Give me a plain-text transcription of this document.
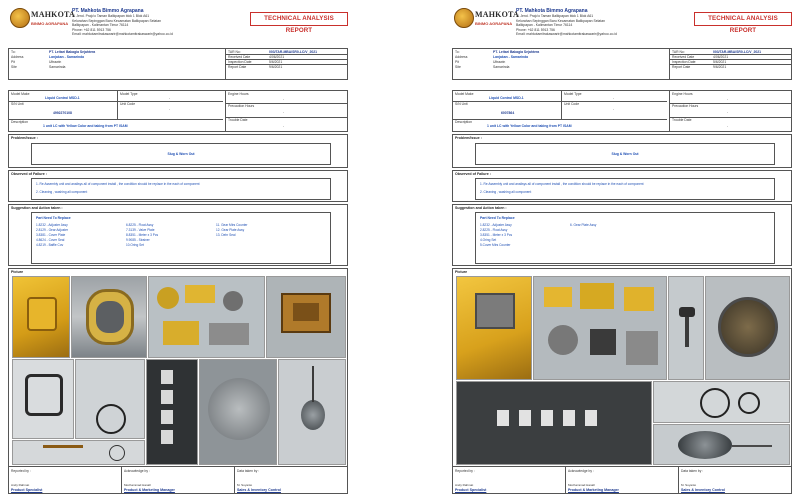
MAHKOTA
BINMO AGRAPANA
PT. Mahkota Bimmo Agrapana
Jl. Jend. Prajo'o Taman Balikpapan blok 1 Blok A61
Kelurahan Sepinggan Baru Kecamatan Balikpapan Selatan
Balikpapan - Kalimantan Timur 76114
Phone: +62 811 5913 756
Email: mahkotamitrakaswarir@mahkotamitrakaswarir@yahoo.co.id
TECHNICAL ANALYSIS REPORT
To:	PT. Leitari Bakagia Sejahtera
Address	Lanjakan - Samarinda
Pit	Ultrawin
Site	Samarinda
TAR No:	003/TAR-MBA/SR0-LC/V_2021
Received Date	4/06/2021
Inspection Date	5/6/2021
Report Date	9/6/2021
Model Make
Liquid Control MSD-1
Model Type
-
S/N Unit
4992270108
Unit Code
-
Description
1 unit LC with Yellow Color and taking from PT ISAM
Engine Hours
-
Precaution Hours
-
Trouble Date
-
Problem/Issue :
Slug & Worn Out
Observed of Failure :
1. Re Assembly unit and analisys all of component install , the condition should be replace in the each of component
2. Cleaning , washing all component
Suggestion and Action taken :
Part Need To Replace
1.8232 - Adjuster Assy
2.8129 - Gear Adjuster
3.8381 - Cover Plate
4.8624 - Cover Seal
4.8219 - Baffle Cov
6.8225 - Float Assy
7.3139 - Valve Plate
8.8351 - Meter x 3 Pcs
9.9085 - Strainer
10.Oring Set
11. Gear Mtrs Counter
12. Gear Plate Assy
13. Dehr Seal
Picture
Reported by :
Andy Rahmat
Product Specialist
Acknowledge by :
Mochammad Hanafi
Product & Marketing Manager
Data taken by :
M. Suyanto
Sales & Inventory Control
MAHKOTA
BINMO AGRAPANA
PT. Mahkota Bimmo Agrapana
Jl. Jend. Prajo'o Taman Balikpapan blok 1 Blok A61
Kelurahan Sepinggan Baru Kecamatan Balikpapan Selatan
Balikpapan - Kalimantan Timur 76114
Phone: +62 811 5913 756
Email: mahkotamitrakaswarir@mahkotamitrakaswarir@yahoo.co.id
TECHNICAL ANALYSIS REPORT
To:	PT. Leitari Bakagia Sejahtera
Address	Lanjakan - Samarinda
Pit	Ultrawin
Site	Samarinda
TAR No:	003/TAR-MBA/SR0-LC/V_2021
Received Date	4/06/2021
Inspection Date	5/6/2021
Report Date	9/6/2021
Model Make
Liquid Control MSD-1
Model Type
-
S/N Unit
6007864
Unit Code
-
Description
1 unit LC with Yellow Color and taking from PT ISAM
Engine Hours
-
Precaution Hours
-
Trouble Date
-
Problem/Issue :
Slug & Worn Out
Observed of Failure :
1. Re Assembly unit and analisys all of component install , the condition should be replace in the each of component
2. Cleaning , washing all component
Suggestion and Action taken :
Part Need To Replace
1.8232 - Adjuster Assy
2.8225 - Float Assy
3.8351 - Meter x 3 Pcs
4.Oring Set
5.Cover Mtrs Counter
6. Gear Plate Assy
Picture
Reported by :
Andy Rahmat
Product Specialist
Acknowledge by :
Mochammad Hanafi
Product & Marketing Manager
Data taken by :
M. Suyanto
Sales & Inventory Control
